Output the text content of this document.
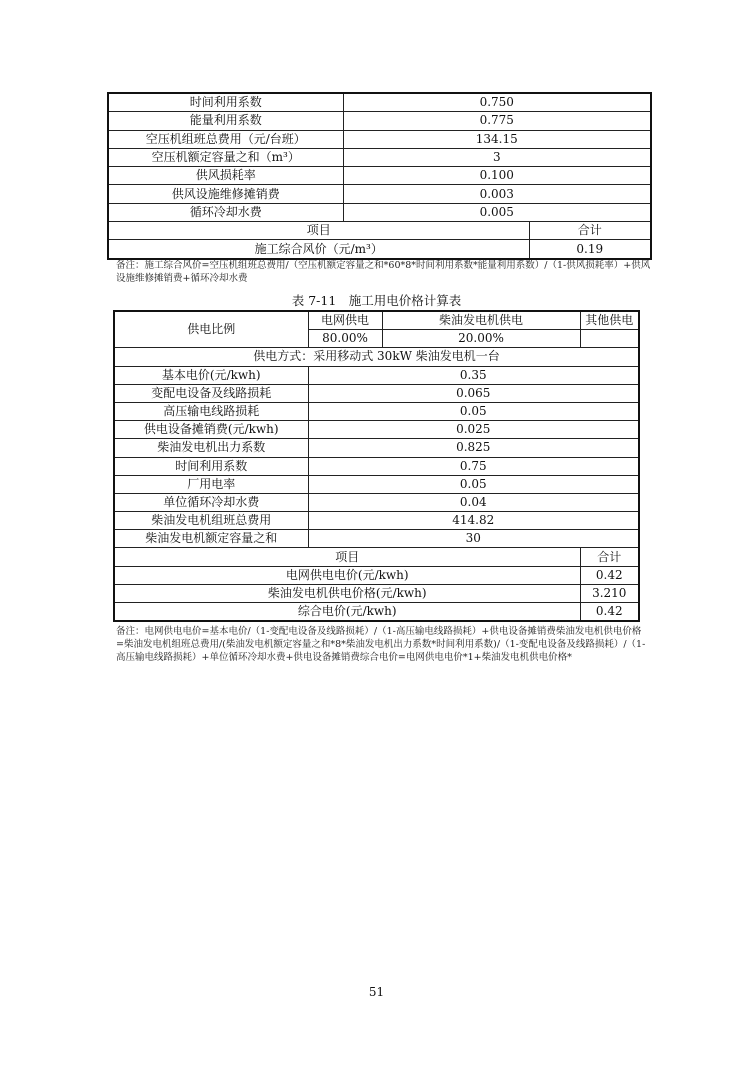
时间利用系数	0.750	
能量利用系数	0.775	
空压机组班总费用（元/台班）	134.15	
空压机额定容量之和（m³）	3	
供风损耗率	0.100	
供风设施维修摊销费	0.003	
循环冷却水费	0.005	
项目		合计
施工综合风价（元/m³）		0.19
备注：施工综合风价=空压机组班总费用/（空压机额定容量之和*60*8*时间利用系数*能量利用系数）/（1-供风损耗率）+供风设施维修摊销费+循环冷却水费
表 7-11　施工用电价格计算表
供电比例	电网供电	柴油发电机供电	其他供电
	80.00%	20.00%	
供电方式：采用移动式 30kW 柴油发电机一台			
基本电价(元/kwh)	0.35		
变配电设备及线路损耗	0.065		
高压输电线路损耗	0.05		
供电设备摊销费(元/kwh)	0.025		
柴油发电机出力系数	0.825		
时间利用系数	0.75		
厂用电率	0.05		
单位循环冷却水费	0.04		
柴油发电机组班总费用	414.82		
柴油发电机额定容量之和	30		
项目			合计
电网供电电价(元/kwh)			0.42
柴油发电机供电价格(元/kwh)			3.210
综合电价(元/kwh)			0.42
备注：电网供电电价=基本电价/（1-变配电设备及线路损耗）/（1-高压输电线路损耗）+供电设备摊销费柴油发电机供电价格=柴油发电机组班总费用/(柴油发电机额定容量之和*8*柴油发电机出力系数*时间利用系数)/（1-变配电设备及线路损耗）/（1-高压输电线路损耗）+单位循环冷却水费+供电设备摊销费综合电价=电网供电电价*1+柴油发电机供电价格*
51
